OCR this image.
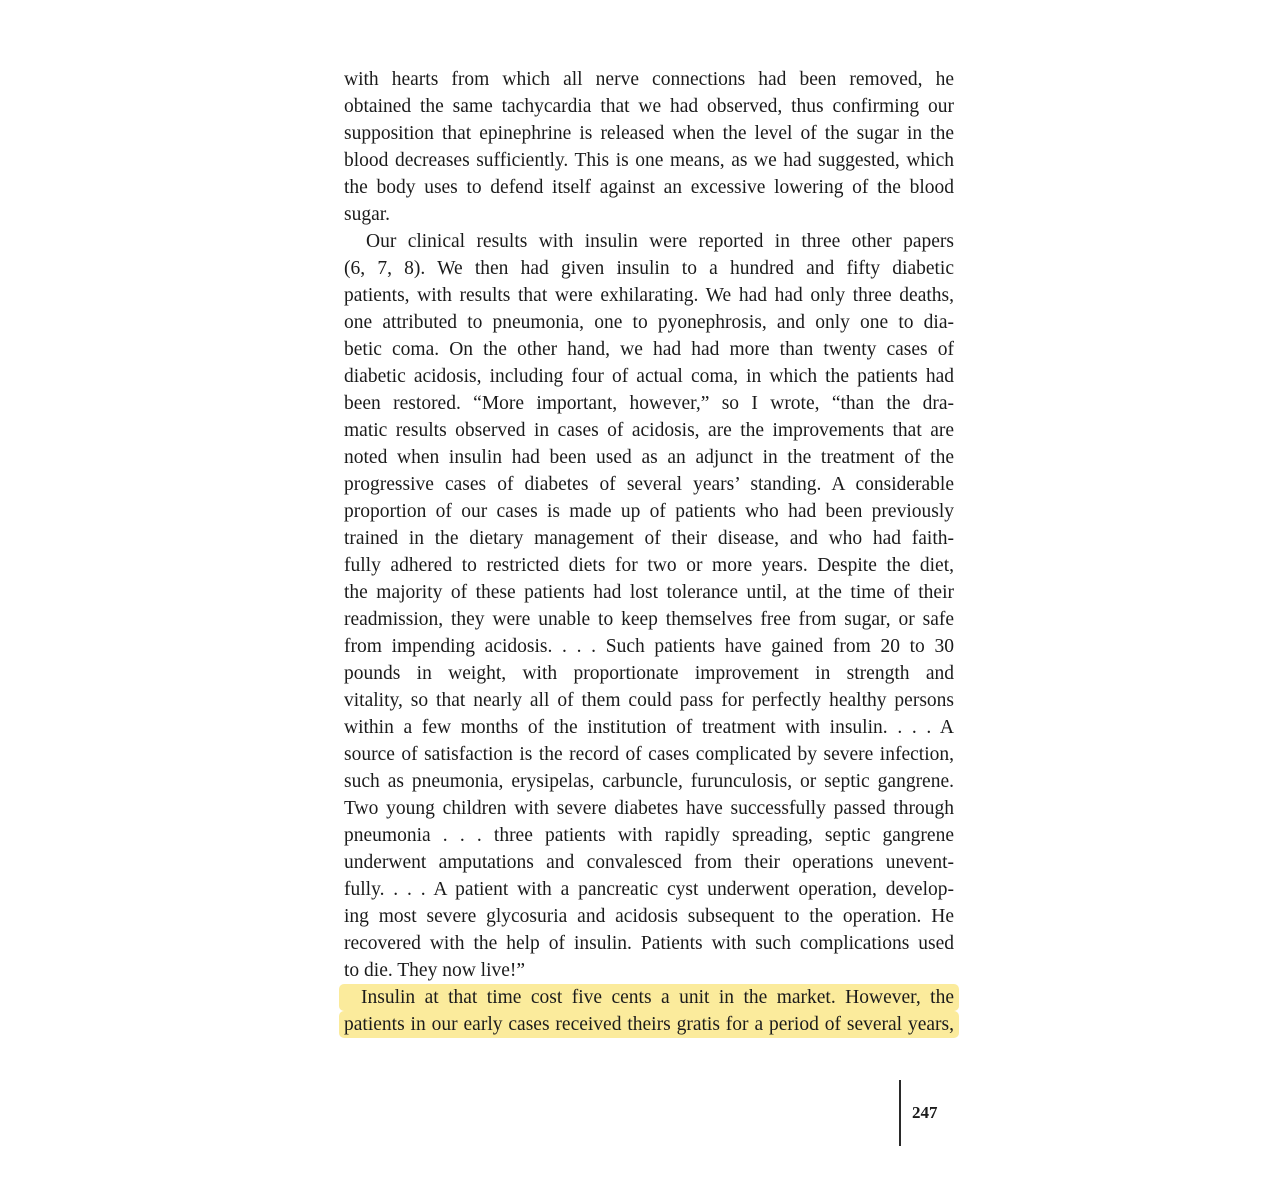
with hearts from which all nerve connections had been removed, he
obtained the same tachycardia that we had observed, thus confirming our
supposition that epinephrine is released when the level of the sugar in the
blood decreases sufficiently. This is one means, as we had suggested, which
the body uses to defend itself against an excessive lowering of the blood
sugar.
Our clinical results with insulin were reported in three other papers
(6, 7, 8). We then had given insulin to a hundred and fifty diabetic
patients, with results that were exhilarating. We had had only three deaths,
one attributed to pneumonia, one to pyonephrosis, and only one to dia-
betic coma. On the other hand, we had had more than twenty cases of
diabetic acidosis, including four of actual coma, in which the patients had
been restored. “More important, however,” so I wrote, “than the dra-
matic results observed in cases of acidosis, are the improvements that are
noted when insulin had been used as an adjunct in the treatment of the
progressive cases of diabetes of several years’ standing. A considerable
proportion of our cases is made up of patients who had been previously
trained in the dietary management of their disease, and who had faith-
fully adhered to restricted diets for two or more years. Despite the diet,
the majority of these patients had lost tolerance until, at the time of their
readmission, they were unable to keep themselves free from sugar, or safe
from impending acidosis. . . . Such patients have gained from 20 to 30
pounds in weight, with proportionate improvement in strength and
vitality, so that nearly all of them could pass for perfectly healthy persons
within a few months of the institution of treatment with insulin. . . . A
source of satisfaction is the record of cases complicated by severe infection,
such as pneumonia, erysipelas, carbuncle, furunculosis, or septic gangrene.
Two young children with severe diabetes have successfully passed through
pneumonia . . . three patients with rapidly spreading, septic gangrene
underwent amputations and convalesced from their operations unevent-
fully. . . . A patient with a pancreatic cyst underwent operation, develop-
ing most severe glycosuria and acidosis subsequent to the operation. He
recovered with the help of insulin. Patients with such complications used
to die. They now live!”
Insulin at that time cost five cents a unit in the market. However, the
patients in our early cases received theirs gratis for a period of several years,
247
